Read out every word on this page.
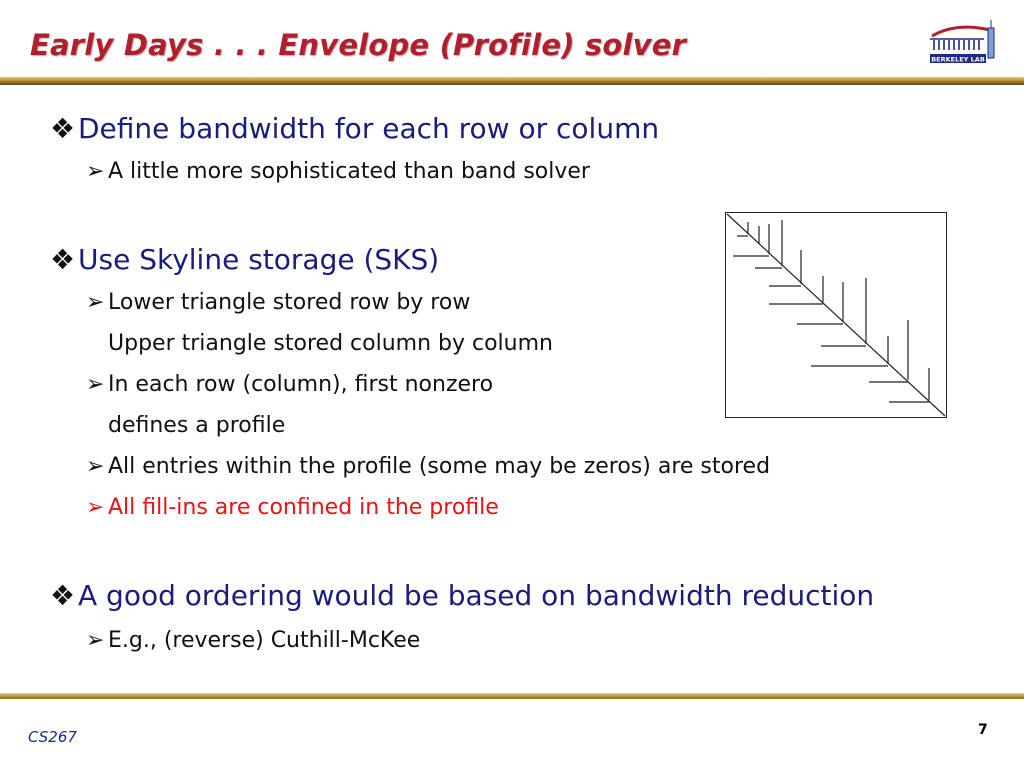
Early Days . . . Envelope (Profile) solver	BERKELEY LAB
❖ Define bandwidth for each row or column
➢ A little more sophisticated than band solver
❖ Use Skyline storage (SKS)
➢ Lower triangle stored row by row
Upper triangle stored column by column
➢ In each row (column), first nonzero
defines a profile
➢ All entries within the profile (some may be zeros) are stored
➢ All fill-ins are confined in the profile
❖ A good ordering would be based on bandwidth reduction
➢ E.g., (reverse) Cuthill-McKee
CS267	7
